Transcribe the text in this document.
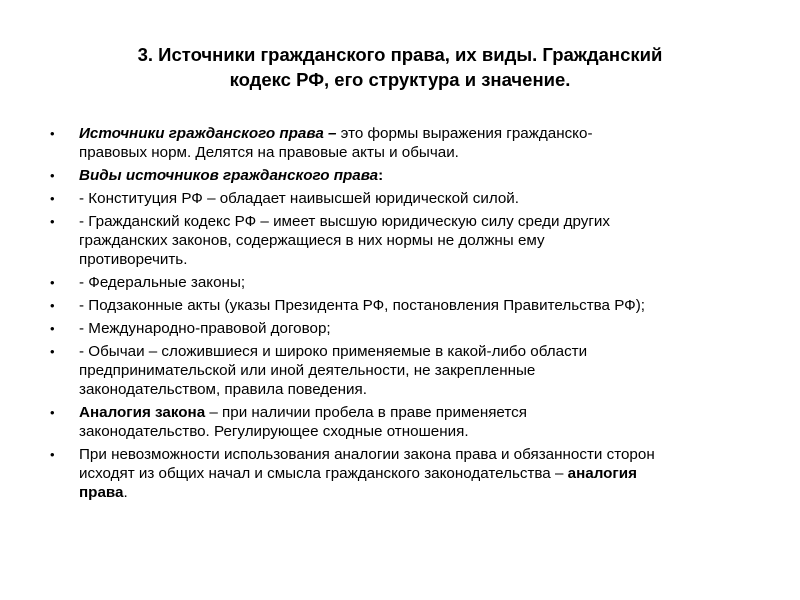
3. Источники гражданского права, их виды. Гражданский
кодекс РФ, его структура и значение.
• Источники гражданского права – это формы выражения гражданско-
правовых норм. Делятся на правовые акты и обычаи.
• Виды источников гражданского права:
• - Конституция РФ – обладает наивысшей юридической силой.
• - Гражданский кодекс РФ – имеет высшую юридическую силу среди других
гражданских законов, содержащиеся в них нормы не должны ему
противоречить.
• - Федеральные законы;
• - Подзаконные акты (указы Президента РФ, постановления Правительства РФ);
• - Международно-правовой договор;
• - Обычаи – сложившиеся и широко применяемые в какой-либо области
предпринимательской или иной деятельности, не закрепленные
законодательством, правила поведения.
• Аналогия закона – при наличии пробела в праве применяется
законодательство. Регулирующее сходные отношения.
• При невозможности использования аналогии закона права и обязанности сторон
исходят из общих начал и смысла гражданского законодательства – аналогия
права.
